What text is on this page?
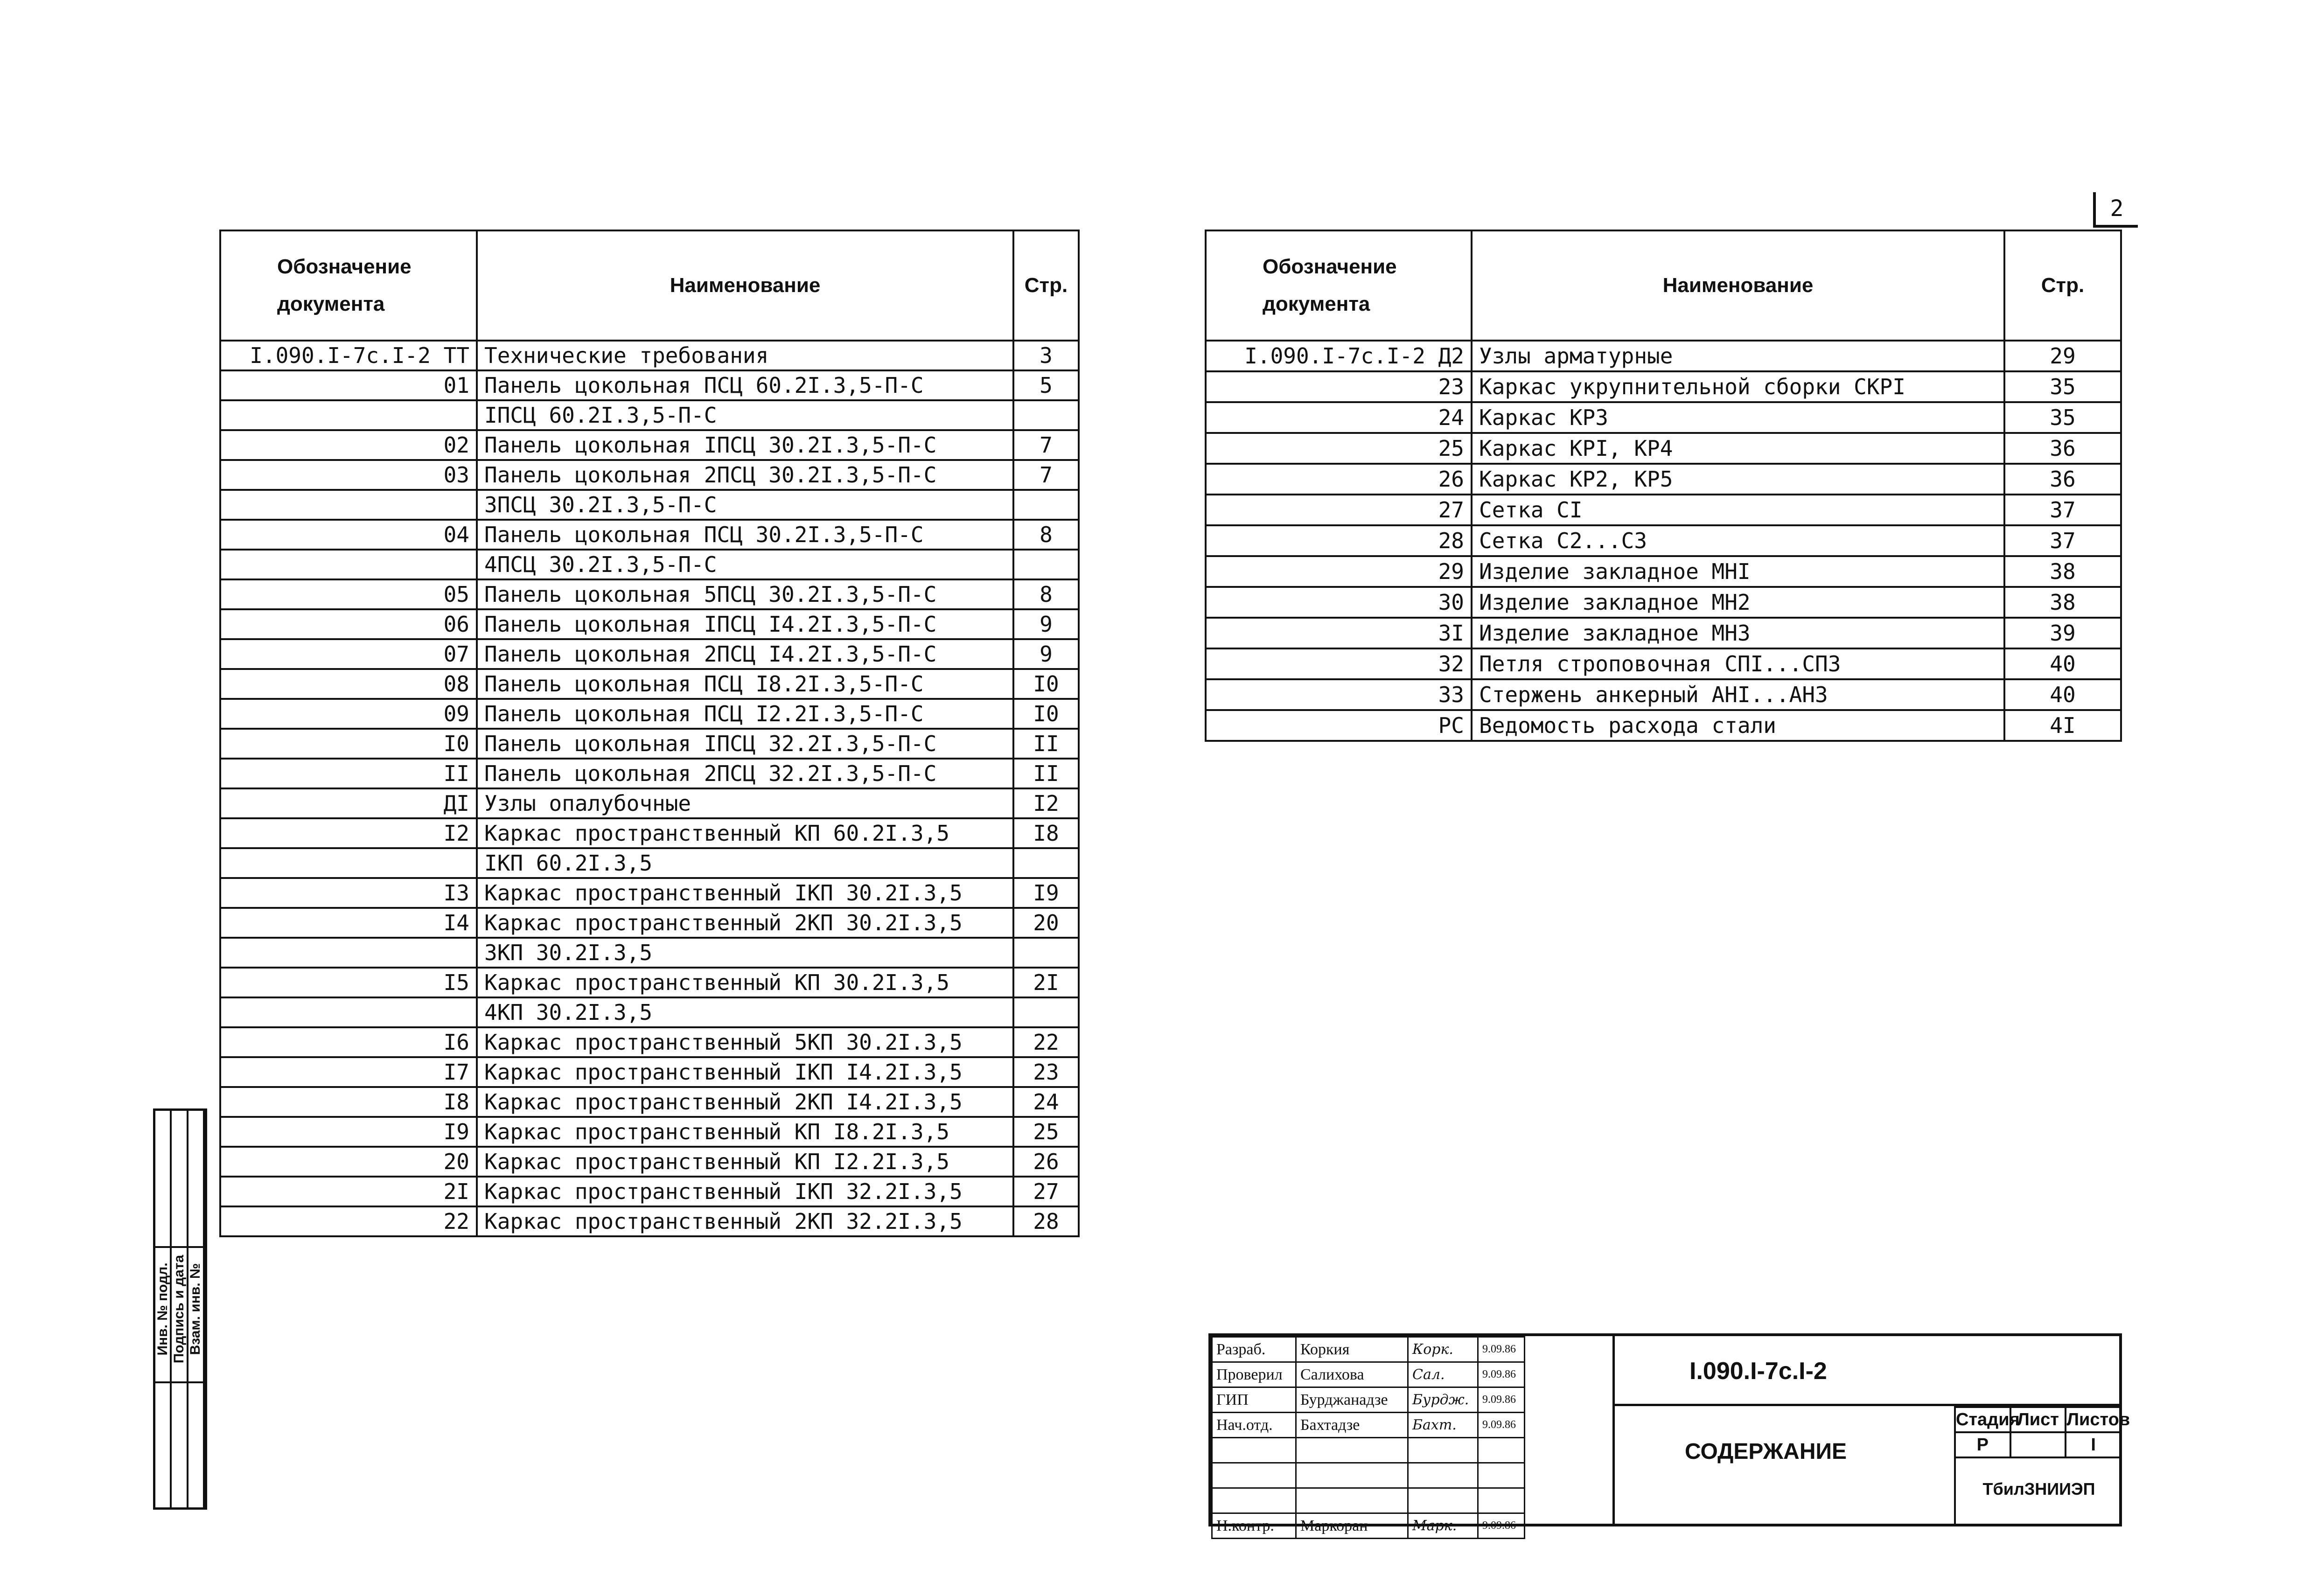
2
Обозначение документа	Наименование	Стр.
I.090.I-7c.I-2 ТТ	Технические требования	3
01	Панель цокольная ПСЦ 60.2I.3,5-П-С	5
	IПСЦ 60.2I.3,5-П-С	
02	Панель цокольная IПСЦ 30.2I.3,5-П-С	7
03	Панель цокольная 2ПСЦ 30.2I.3,5-П-С	7
	3ПСЦ 30.2I.3,5-П-С	
04	Панель цокольная ПСЦ 30.2I.3,5-П-С	8
	4ПСЦ 30.2I.3,5-П-С	
05	Панель цокольная 5ПСЦ 30.2I.3,5-П-С	8
06	Панель цокольная IПСЦ I4.2I.3,5-П-С	9
07	Панель цокольная 2ПСЦ I4.2I.3,5-П-С	9
08	Панель цокольная ПСЦ I8.2I.3,5-П-С	I0
09	Панель цокольная ПСЦ I2.2I.3,5-П-С	I0
I0	Панель цокольная IПСЦ 32.2I.3,5-П-С	II
II	Панель цокольная 2ПСЦ 32.2I.3,5-П-С	II
ДI	Узлы опалубочные	I2
I2	Каркас пространственный КП 60.2I.3,5	I8
	IКП 60.2I.3,5	
I3	Каркас пространственный IКП 30.2I.3,5	I9
I4	Каркас пространственный 2КП 30.2I.3,5	20
	3КП 30.2I.3,5	
I5	Каркас пространственный КП 30.2I.3,5	2I
	4КП 30.2I.3,5	
I6	Каркас пространственный 5КП 30.2I.3,5	22
I7	Каркас пространственный IКП I4.2I.3,5	23
I8	Каркас пространственный 2КП I4.2I.3,5	24
I9	Каркас пространственный КП I8.2I.3,5	25
20	Каркас пространственный КП I2.2I.3,5	26
2I	Каркас пространственный IКП 32.2I.3,5	27
22	Каркас пространственный 2КП 32.2I.3,5	28
Обозначение документа	Наименование	Стр.
I.090.I-7c.I-2 Д2	Узлы арматурные	29
23	Каркас укрупнительной сборки СКРI	35
24	Каркас КР3	35
25	Каркас КРI, КР4	36
26	Каркас КР2, КР5	36
27	Сетка СI	37
28	Сетка С2...С3	37
29	Изделие закладное МНI	38
30	Изделие закладное МН2	38
3I	Изделие закладное МН3	39
32	Петля строповочная СПI...СП3	40
33	Стержень анкерный АНI...АН3	40
РС	Ведомость расхода стали	4I
Инв. № подл. Подпись и дата Взам. инв. №	Разраб.	Коркия	Корк.	9.09.86
Проверил	Салихова	Сал.	9.09.86
ГИП	Бурджанадзе	Бурдж.	9.09.86
Нач.отд.	Бахтадзе	Бахт.	9.09.86

Н.контр.	Маркоран	Марк.	9.09.86
I.090.I-7c.I-2
СОДЕРЖАНИЕ
Стадия	Лист	Листов
Р		I
ТбилЗНИИЭП
